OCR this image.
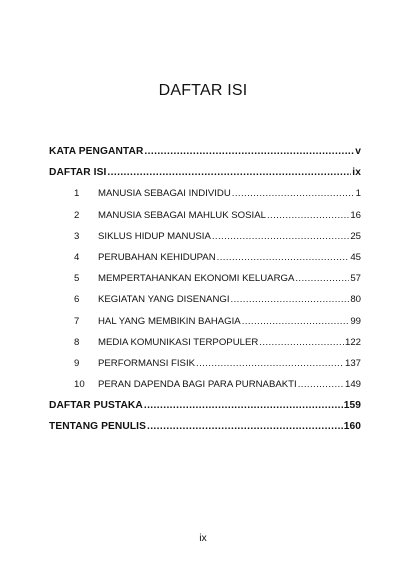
DAFTAR ISI
KATA PENGANTAR .....	v
DAFTAR ISI .....	ix
1	MANUSIA SEBAGAI INDIVIDU .....	1
2	MANUSIA SEBAGAI MAHLUK SOSIAL .....	16
3	SIKLUS HIDUP MANUSIA .....	25
4	PERUBAHAN KEHIDUPAN .....	45
5	MEMPERTAHANKAN EKONOMI KELUARGA .....	57
6	KEGIATAN YANG DISENANGI .....	80
7	HAL YANG MEMBIKIN BAHAGIA .....	99
8	MEDIA KOMUNIKASI TERPOPULER .....	122
9	PERFORMANSI FISIK .....	137
10	PERAN DAPENDA BAGI PARA PURNABAKTI .....	149
DAFTAR PUSTAKA .....	159
TENTANG PENULIS .....	160
ix
